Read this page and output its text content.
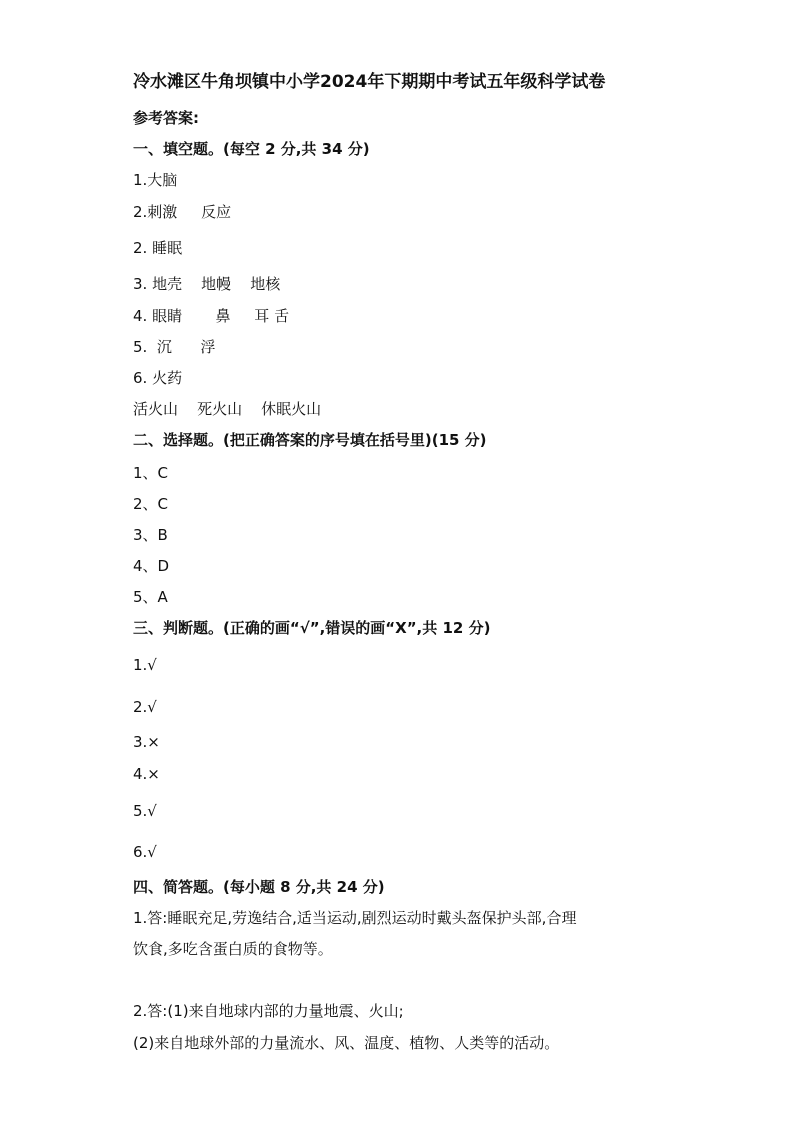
冷水滩区牛角坝镇中小学2024年下期期中考试五年级科学试卷
参考答案:
一、填空题。(每空 2 分,共 34 分)
1.大脑
2.刺激     反应
2. 睡眠
3. 地壳    地幔    地核
4. 眼睛       鼻     耳 舌
5.  沉      浮
6. 火药
活火山    死火山    休眠火山
二、选择题。(把正确答案的序号填在括号里)(15 分)
1、C
2、C
3、B
4、D
5、A
三、判断题。(正确的画“√”,错误的画“X”,共 12 分)
1.√
2.√
3.×
4.×
5.√
6.√
四、简答题。(每小题 8 分,共 24 分)
1.答:睡眠充足,劳逸结合,适当运动,剧烈运动时戴头盔保护头部,合理
饮食,多吃含蛋白质的食物等。
2.答:(1)来自地球内部的力量地震、火山;
(2)来自地球外部的力量流水、风、温度、植物、人类等的活动。
